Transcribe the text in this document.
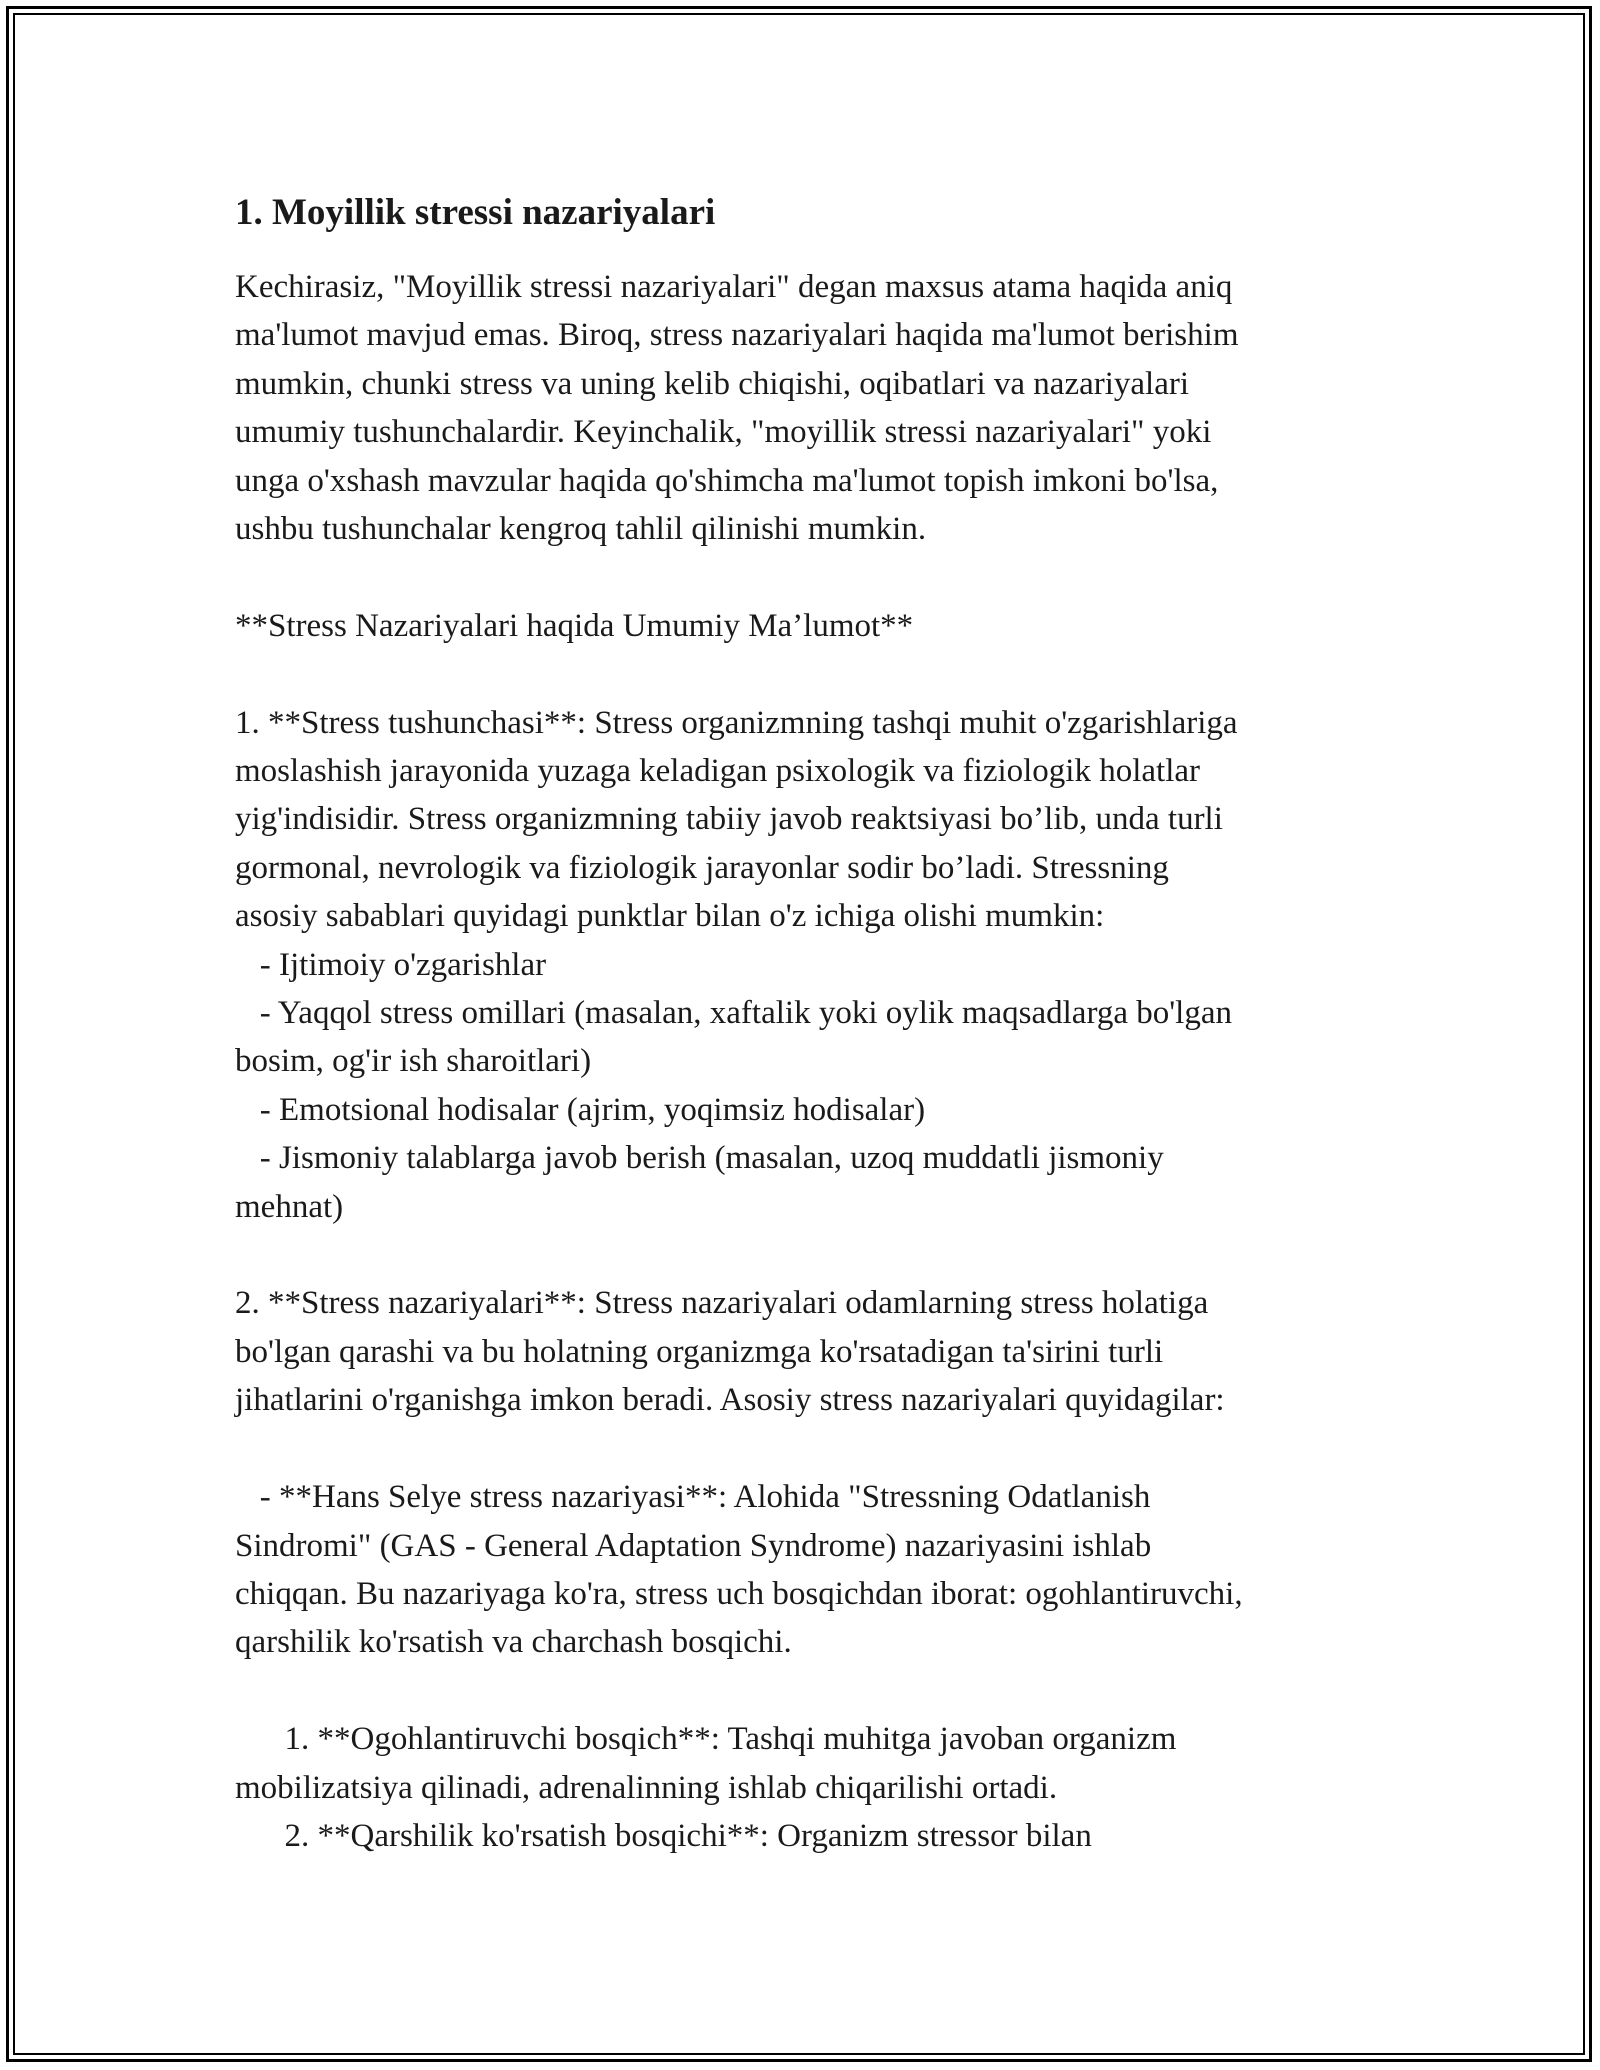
1. Moyillik stressi nazariyalari

Kechirasiz, "Moyillik stressi nazariyalari" degan maxsus atama haqida aniq
ma'lumot mavjud emas. Biroq, stress nazariyalari haqida ma'lumot berishim
mumkin, chunki stress va uning kelib chiqishi, oqibatlari va nazariyalari
umumiy tushunchalardir. Keyinchalik, "moyillik stressi nazariyalari" yoki
unga o'xshash mavzular haqida qo'shimcha ma'lumot topish imkoni bo'lsa,
ushbu tushunchalar kengroq tahlil qilinishi mumkin.

**Stress Nazariyalari haqida Umumiy Ma’lumot**

1. **Stress tushunchasi**: Stress organizmning tashqi muhit o'zgarishlariga
moslashish jarayonida yuzaga keladigan psixologik va fiziologik holatlar
yig'indisidir. Stress organizmning tabiiy javob reaktsiyasi bo’lib, unda turli
gormonal, nevrologik va fiziologik jarayonlar sodir bo’ladi. Stressning
asosiy sabablari quyidagi punktlar bilan o'z ichiga olishi mumkin:
- Ijtimoiy o'zgarishlar
- Yaqqol stress omillari (masalan, xaftalik yoki oylik maqsadlarga bo'lgan
bosim, og'ir ish sharoitlari)
- Emotsional hodisalar (ajrim, yoqimsiz hodisalar)
- Jismoniy talablarga javob berish (masalan, uzoq muddatli jismoniy
mehnat)

2. **Stress nazariyalari**: Stress nazariyalari odamlarning stress holatiga
bo'lgan qarashi va bu holatning organizmga ko'rsatadigan ta'sirini turli
jihatlarini o'rganishga imkon beradi. Asosiy stress nazariyalari quyidagilar:

- **Hans Selye stress nazariyasi**: Alohida "Stressning Odatlanish
Sindromi" (GAS - General Adaptation Syndrome) nazariyasini ishlab
chiqqan. Bu nazariyaga ko'ra, stress uch bosqichdan iborat: ogohlantiruvchi,
qarshilik ko'rsatish va charchash bosqichi.

1. **Ogohlantiruvchi bosqich**: Tashqi muhitga javoban organizm
mobilizatsiya qilinadi, adrenalinning ishlab chiqarilishi ortadi.
2. **Qarshilik ko'rsatish bosqichi**: Organizm stressor bilan
